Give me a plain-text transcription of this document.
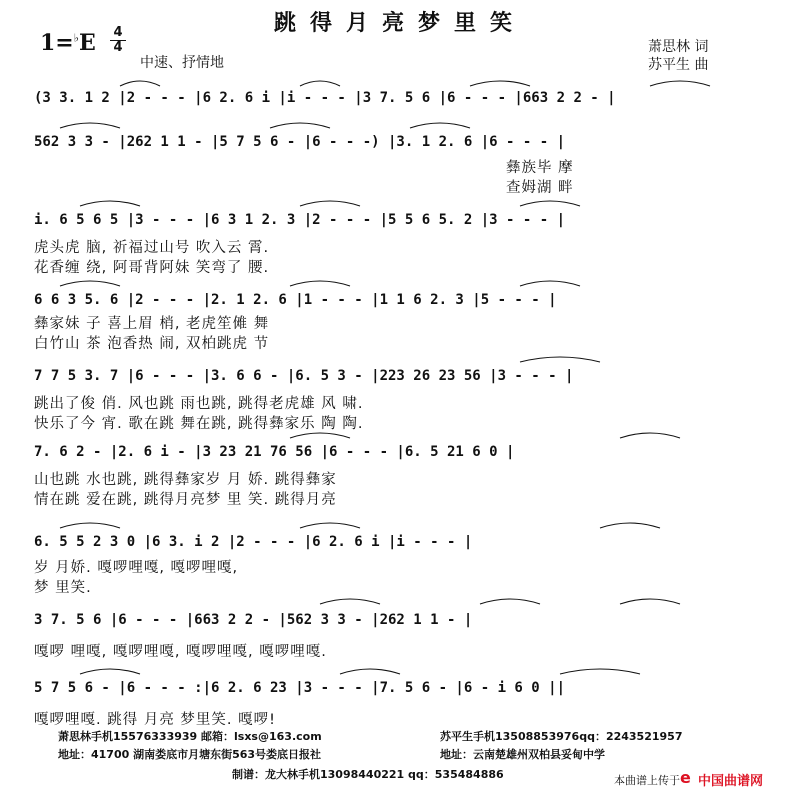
跳得月亮梦里笑
1=♭E 4
4
中速、抒情地
萧思林 词
苏平生 曲
(3 3. 1 2 |2 - - - |6 2. 6 i |i - - - |3 7. 5 6 |6 - - - |663 2 2 - |
562 3 3 - |262 1 1 - |5 7 5 6 - |6 - - -) |3. 1 2. 6 |6 - - - |
彝族毕 摩
查姆湖 畔
i. 6 5 6 5 |3 - - - |6 3 1 2. 3 |2 - - - |5 5 6 5. 2 |3 - - - |
虎头虎 脑, 祈福过山号 吹入云 霄.
花香缠 绕, 阿哥背阿妹 笑弯了 腰.
6 6 3 5. 6 |2 - - - |2. 1 2. 6 |1 - - - |1 1 6 2. 3 |5 - - - |
彝家妹 子 喜上眉 梢, 老虎笙傩 舞
白竹山 茶 泡香热 闹, 双柏跳虎 节
7 7 5 3. 7 |6 - - - |3. 6 6 - |6. 5 3 - |223 26 23 56 |3 - - - |
跳出了俊 俏. 风也跳 雨也跳, 跳得老虎雄 风 啸.
快乐了今 宵. 歌在跳 舞在跳, 跳得彝家乐 陶 陶.
7. 6 2 - |2. 6 i - |3 23 21 76 56 |6 - - - |6. 5 21 6 0 |
山也跳 水也跳, 跳得彝家岁 月 娇. 跳得彝家
情在跳 爱在跳, 跳得月亮梦 里 笑. 跳得月亮
6. 5 5 2 3 0 |6 3. i 2 |2 - - - |6 2. 6 i |i - - - |
岁 月娇. 嘎啰哩嘎, 嘎啰哩嘎,
梦 里笑.
3 7. 5 6 |6 - - - |663 2 2 - |562 3 3 - |262 1 1 - |
嘎啰 哩嘎, 嘎啰哩嘎, 嘎啰哩嘎, 嘎啰哩嘎.
5 7 5 6 - |6 - - - :|6 2. 6 23 |3 - - - |7. 5 6 - |6 - i 6 0 ||
嘎啰哩嘎. 跳得 月亮 梦里笑. 嘎啰!
萧思林手机15576333939 邮箱：lsxs@163.com
地址：41700 湖南娄底市月塘东街563号娄底日报社
苏平生手机13508853976qq：2243521957
地址：云南楚雄州双柏县妥甸中学
制谱：龙大林手机13098440221 qq：535484886	本曲谱上传于 e 中国曲谱网
